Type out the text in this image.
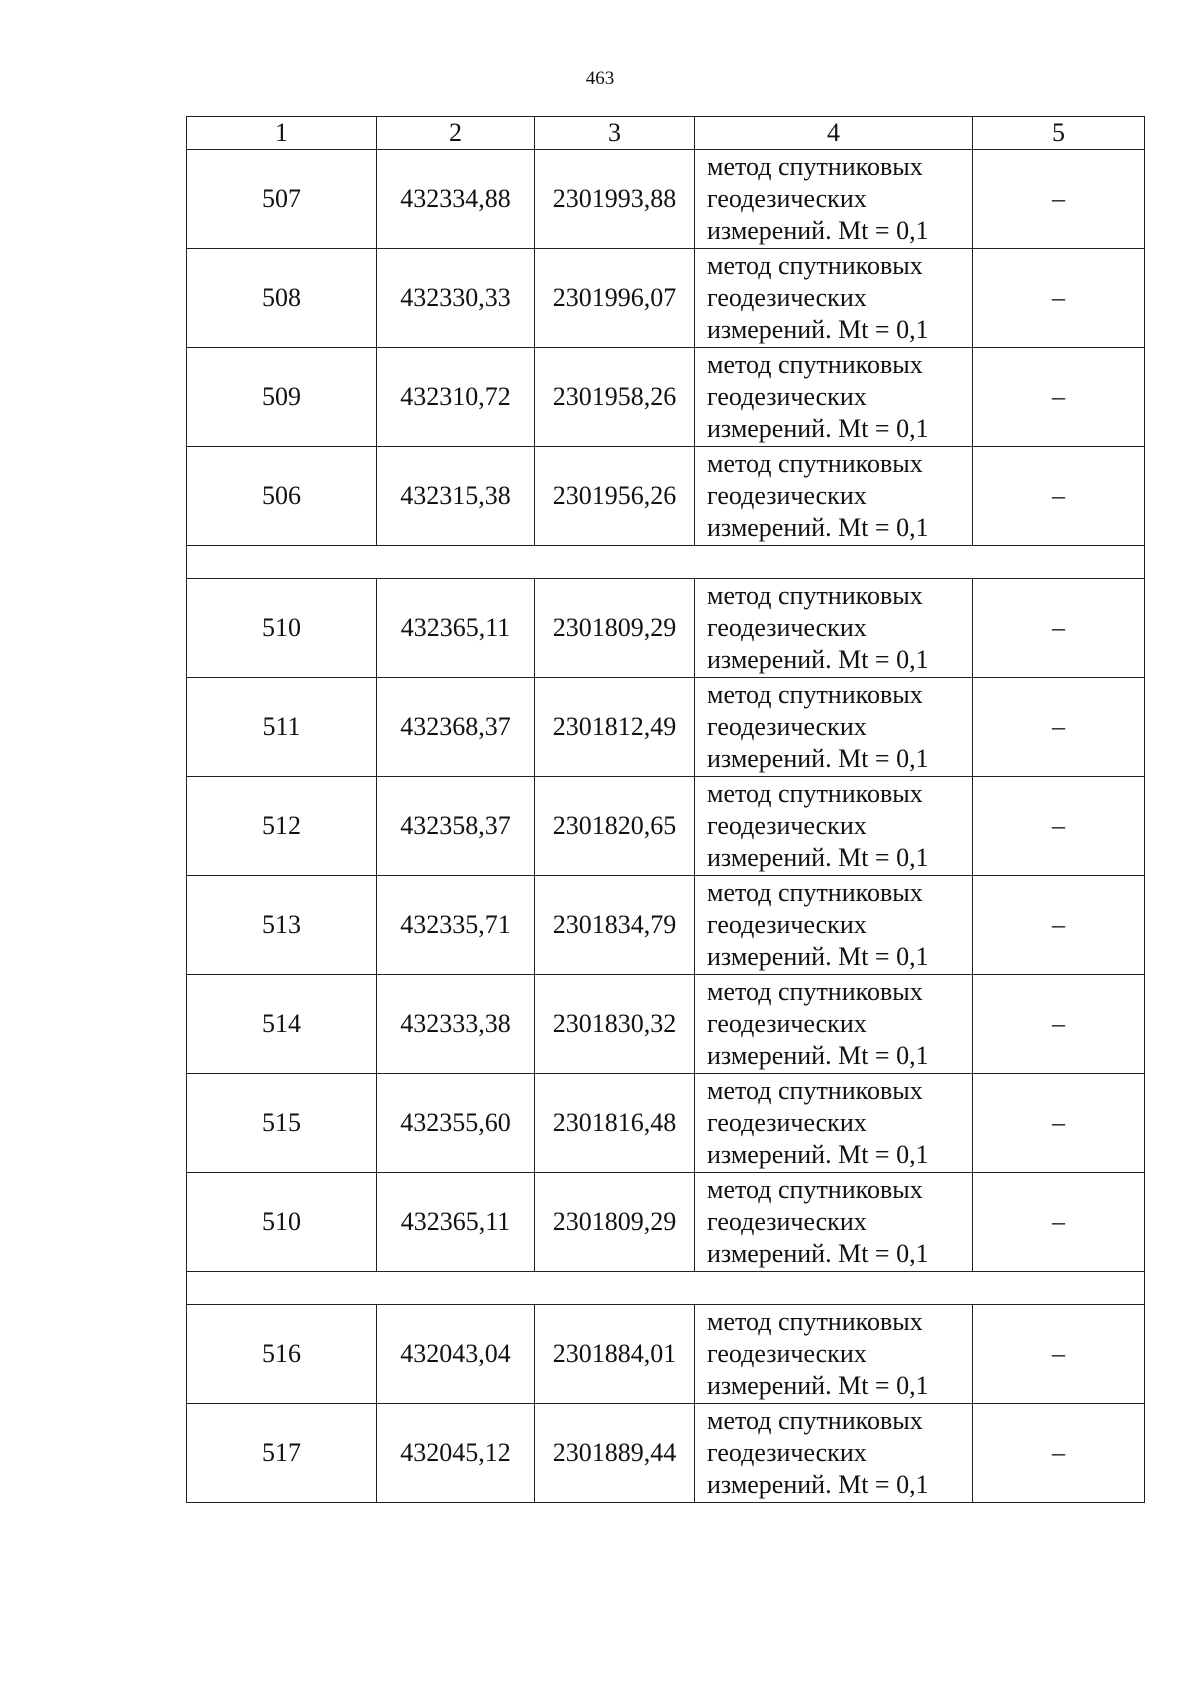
463
1	2	3	4	5
507	432334,88	2301993,88	метод спутниковых
геодезических
измерений. Mt = 0,1	–
508	432330,33	2301996,07	метод спутниковых
геодезических
измерений. Mt = 0,1	–
509	432310,72	2301958,26	метод спутниковых
геодезических
измерений. Mt = 0,1	–
506	432315,38	2301956,26	метод спутниковых
геодезических
измерений. Mt = 0,1	–

510	432365,11	2301809,29	метод спутниковых
геодезических
измерений. Mt = 0,1	–
511	432368,37	2301812,49	метод спутниковых
геодезических
измерений. Mt = 0,1	–
512	432358,37	2301820,65	метод спутниковых
геодезических
измерений. Mt = 0,1	–
513	432335,71	2301834,79	метод спутниковых
геодезических
измерений. Mt = 0,1	–
514	432333,38	2301830,32	метод спутниковых
геодезических
измерений. Mt = 0,1	–
515	432355,60	2301816,48	метод спутниковых
геодезических
измерений. Mt = 0,1	–
510	432365,11	2301809,29	метод спутниковых
геодезических
измерений. Mt = 0,1	–

516	432043,04	2301884,01	метод спутниковых
геодезических
измерений. Mt = 0,1	–
517	432045,12	2301889,44	метод спутниковых
геодезических
измерений. Mt = 0,1	–
